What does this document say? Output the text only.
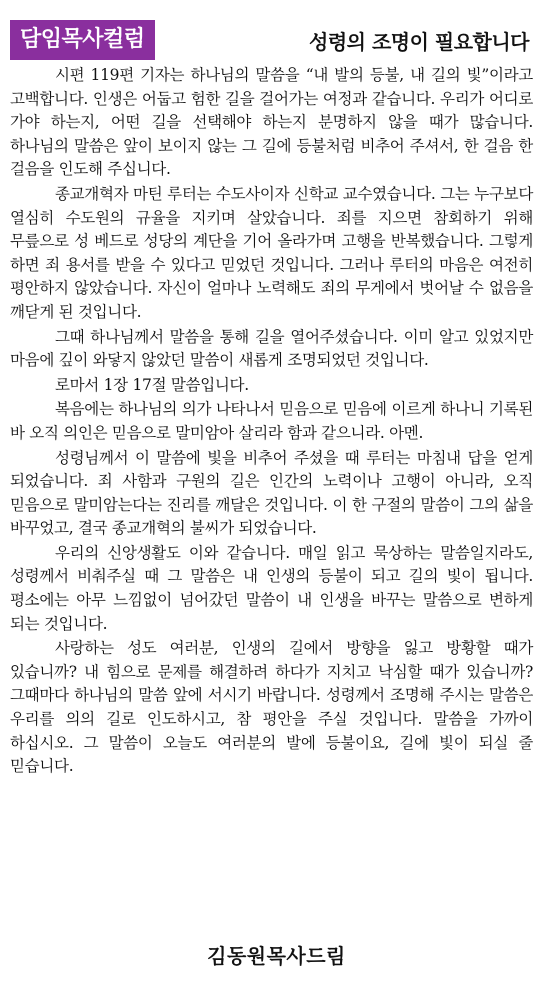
담임목사컬럼	성령의 조명이 필요합니다

시편 119편 기자는 하나님의 말씀을 “내 발의 등불, 내 길의 빛”이라고 고백합니다. 인생은 어둡고 험한 길을 걸어가는 여정과 같습니다. 우리가 어디로 가야 하는지, 어떤 길을 선택해야 하는지 분명하지 않을 때가 많습니다. 하나님의 말씀은 앞이 보이지 않는 그 길에 등불처럼 비추어 주셔서, 한 걸음 한 걸음을 인도해 주십니다.

종교개혁자 마틴 루터는 수도사이자 신학교 교수였습니다. 그는 누구보다 열심히 수도원의 규율을 지키며 살았습니다. 죄를 지으면 참회하기 위해 무릎으로 성 베드로 성당의 계단을 기어 올라가며 고행을 반복했습니다. 그렇게 하면 죄 용서를 받을 수 있다고 믿었던 것입니다. 그러나 루터의 마음은 여전히 평안하지 않았습니다. 자신이 얼마나 노력해도 죄의 무게에서 벗어날 수 없음을 깨닫게 된 것입니다.

그때 하나님께서 말씀을 통해 길을 열어주셨습니다. 이미 알고 있었지만 마음에 깊이 와닿지 않았던 말씀이 새롭게 조명되었던 것입니다.

로마서 1장 17절 말씀입니다.

복음에는 하나님의 의가 나타나서 믿음으로 믿음에 이르게 하나니 기록된 바 오직 의인은 믿음으로 말미암아 살리라 함과 같으니라. 아멘.

성령님께서 이 말씀에 빛을 비추어 주셨을 때 루터는 마침내 답을 얻게 되었습니다. 죄 사함과 구원의 길은 인간의 노력이나 고행이 아니라, 오직 믿음으로 말미암는다는 진리를 깨달은 것입니다. 이 한 구절의 말씀이 그의 삶을 바꾸었고, 결국 종교개혁의 불씨가 되었습니다.

우리의 신앙생활도 이와 같습니다. 매일 읽고 묵상하는 말씀일지라도, 성령께서 비춰주실 때 그 말씀은 내 인생의 등불이 되고 길의 빛이 됩니다. 평소에는 아무 느낌없이 넘어갔던 말씀이 내 인생을 바꾸는 말씀으로 변하게 되는 것입니다.

사랑하는 성도 여러분, 인생의 길에서 방향을 잃고 방황할 때가 있습니까? 내 힘으로 문제를 해결하려 하다가 지치고 낙심할 때가 있습니까? 그때마다 하나님의 말씀 앞에 서시기 바랍니다. 성령께서 조명해 주시는 말씀은 우리를 의의 길로 인도하시고, 참 평안을 주실 것입니다. 말씀을 가까이 하십시오. 그 말씀이 오늘도 여러분의 발에 등불이요, 길에 빛이 되실 줄 믿습니다.

김동원목사드림
